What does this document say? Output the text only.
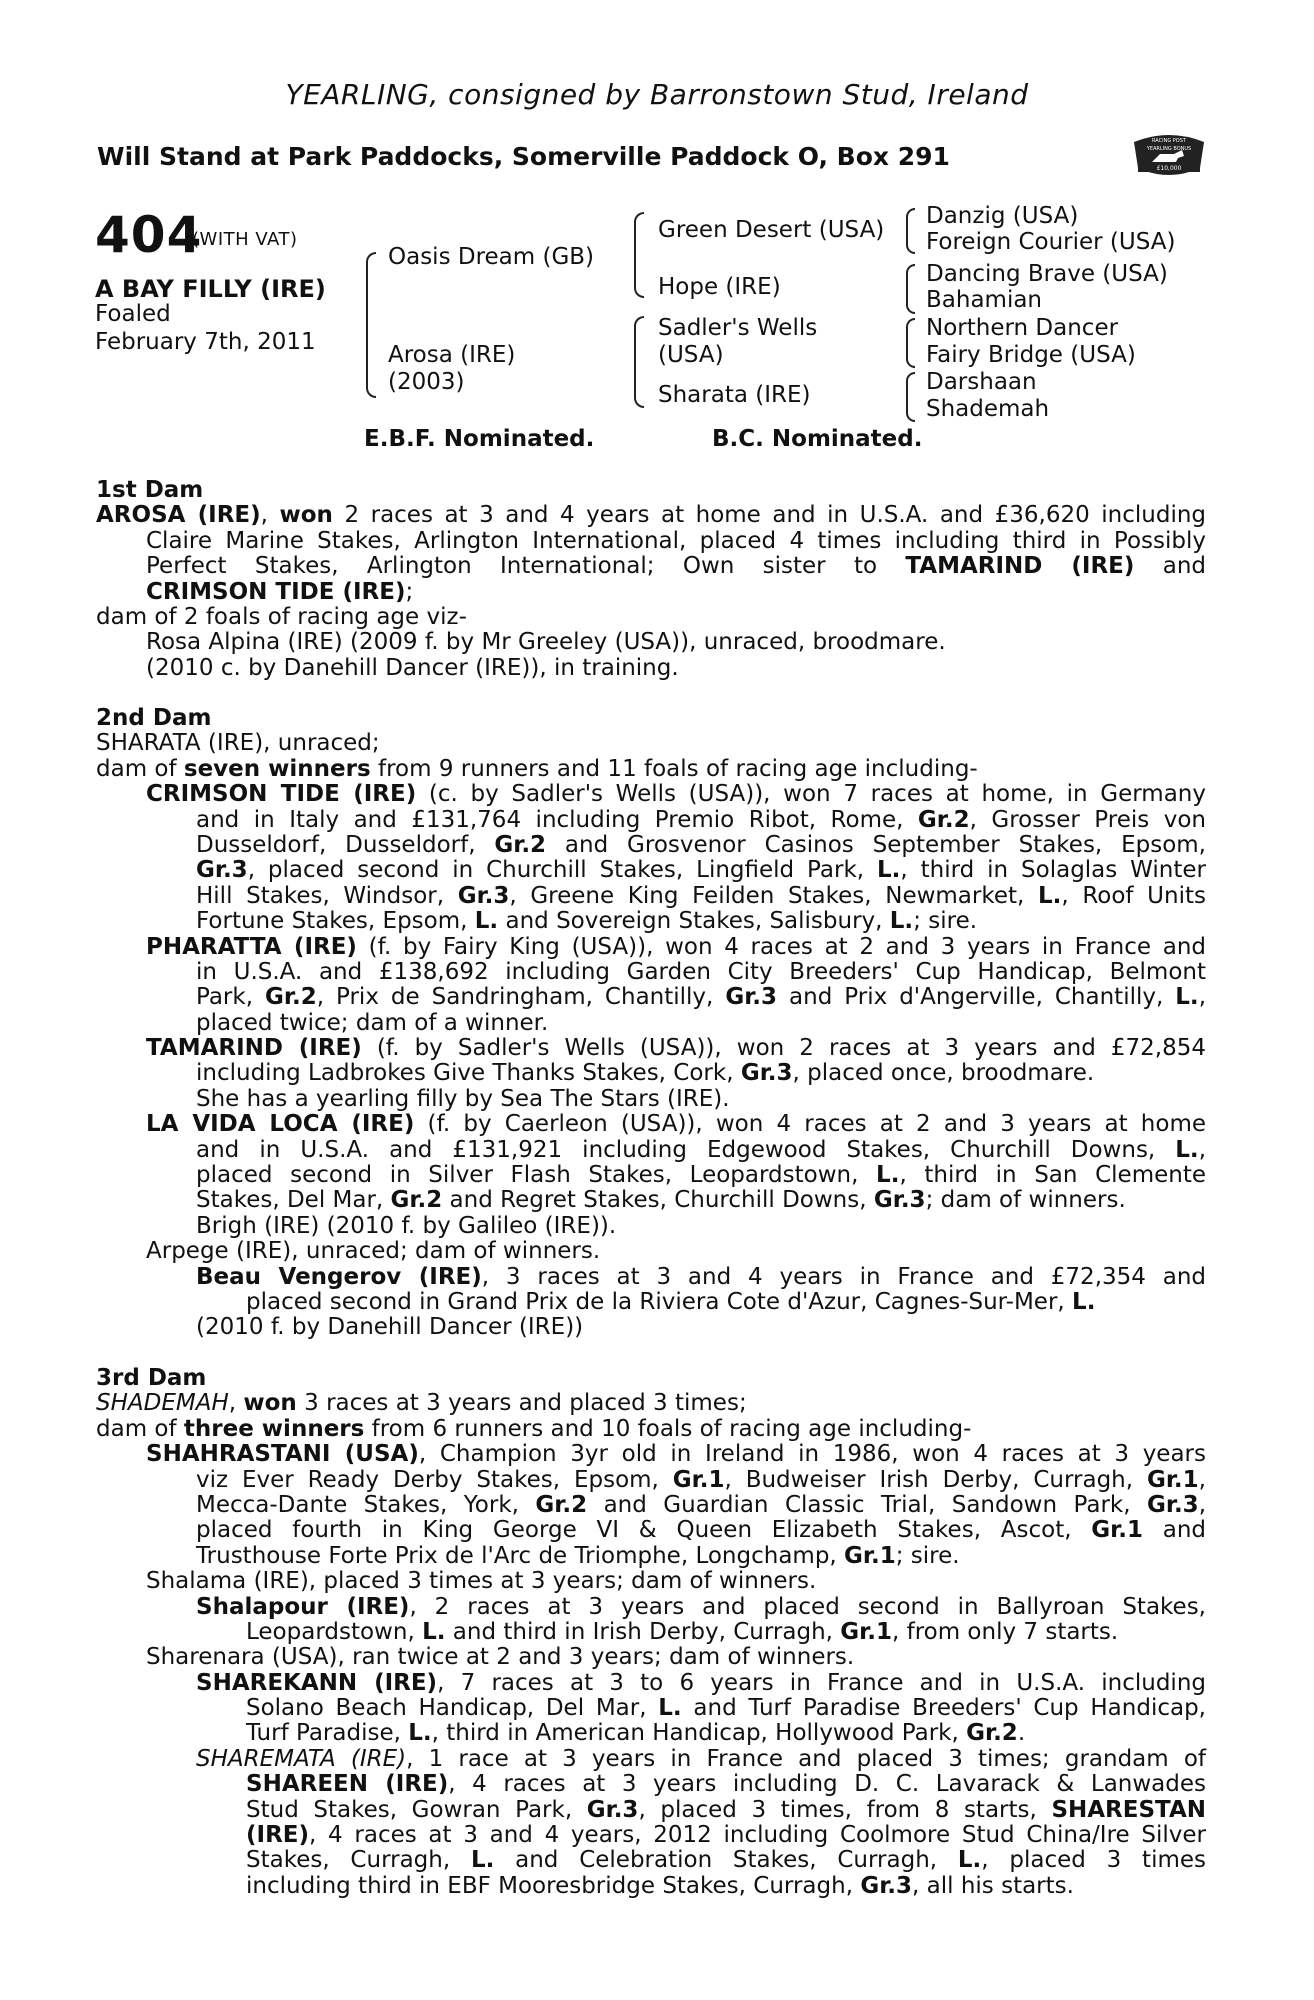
YEARLING, consigned by Barronstown Stud, Ireland
Will Stand at Park Paddocks, Somerville Paddock O, Box 291
RACING POST
YEARLING BONUS
£10,000
404
(WITH VAT)
A BAY FILLY (IRE)
Foaled
February 7th, 2011
Oasis Dream (GB)
Arosa (IRE)
(2003)
Green Desert (USA)
Hope (IRE)
Sadler's Wells
(USA)
Sharata (IRE)
Danzig (USA)
Foreign Courier (USA)
Dancing Brave (USA)
Bahamian
Northern Dancer
Fairy Bridge (USA)
Darshaan
Shademah
E.B.F. Nominated.	B.C. Nominated.
1st Dam
AROSA (IRE), won 2 races at 3 and 4 years at home and in U.S.A. and £36,620 including
Claire Marine Stakes, Arlington International, placed 4 times including third in Possibly
Perfect Stakes, Arlington International; Own sister to TAMARIND (IRE) and
CRIMSON TIDE (IRE);
dam of 2 foals of racing age viz-
Rosa Alpina (IRE) (2009 f. by Mr Greeley (USA)), unraced, broodmare.
(2010 c. by Danehill Dancer (IRE)), in training.
2nd Dam
SHARATA (IRE), unraced;
dam of seven winners from 9 runners and 11 foals of racing age including-
CRIMSON TIDE (IRE) (c. by Sadler's Wells (USA)), won 7 races at home, in Germany
and in Italy and £131,764 including Premio Ribot, Rome, Gr.2, Grosser Preis von
Dusseldorf, Dusseldorf, Gr.2 and Grosvenor Casinos September Stakes, Epsom,
Gr.3, placed second in Churchill Stakes, Lingfield Park, L., third in Solaglas Winter
Hill Stakes, Windsor, Gr.3, Greene King Feilden Stakes, Newmarket, L., Roof Units
Fortune Stakes, Epsom, L. and Sovereign Stakes, Salisbury, L.; sire.
PHARATTA (IRE) (f. by Fairy King (USA)), won 4 races at 2 and 3 years in France and
in U.S.A. and £138,692 including Garden City Breeders' Cup Handicap, Belmont
Park, Gr.2, Prix de Sandringham, Chantilly, Gr.3 and Prix d'Angerville, Chantilly, L.,
placed twice; dam of a winner.
TAMARIND (IRE) (f. by Sadler's Wells (USA)), won 2 races at 3 years and £72,854
including Ladbrokes Give Thanks Stakes, Cork, Gr.3, placed once, broodmare.
She has a yearling filly by Sea The Stars (IRE).
LA VIDA LOCA (IRE) (f. by Caerleon (USA)), won 4 races at 2 and 3 years at home
and in U.S.A. and £131,921 including Edgewood Stakes, Churchill Downs, L.,
placed second in Silver Flash Stakes, Leopardstown, L., third in San Clemente
Stakes, Del Mar, Gr.2 and Regret Stakes, Churchill Downs, Gr.3; dam of winners.
Brigh (IRE) (2010 f. by Galileo (IRE)).
Arpege (IRE), unraced; dam of winners.
Beau Vengerov (IRE), 3 races at 3 and 4 years in France and £72,354 and
placed second in Grand Prix de la Riviera Cote d'Azur, Cagnes-Sur-Mer, L.
(2010 f. by Danehill Dancer (IRE))
3rd Dam
SHADEMAH, won 3 races at 3 years and placed 3 times;
dam of three winners from 6 runners and 10 foals of racing age including-
SHAHRASTANI (USA), Champion 3yr old in Ireland in 1986, won 4 races at 3 years
viz Ever Ready Derby Stakes, Epsom, Gr.1, Budweiser Irish Derby, Curragh, Gr.1,
Mecca-Dante Stakes, York, Gr.2 and Guardian Classic Trial, Sandown Park, Gr.3,
placed fourth in King George VI & Queen Elizabeth Stakes, Ascot, Gr.1 and
Trusthouse Forte Prix de l'Arc de Triomphe, Longchamp, Gr.1; sire.
Shalama (IRE), placed 3 times at 3 years; dam of winners.
Shalapour (IRE), 2 races at 3 years and placed second in Ballyroan Stakes,
Leopardstown, L. and third in Irish Derby, Curragh, Gr.1, from only 7 starts.
Sharenara (USA), ran twice at 2 and 3 years; dam of winners.
SHAREKANN (IRE), 7 races at 3 to 6 years in France and in U.S.A. including
Solano Beach Handicap, Del Mar, L. and Turf Paradise Breeders' Cup Handicap,
Turf Paradise, L., third in American Handicap, Hollywood Park, Gr.2.
SHAREMATA (IRE), 1 race at 3 years in France and placed 3 times; grandam of
SHAREEN (IRE), 4 races at 3 years including D. C. Lavarack & Lanwades
Stud Stakes, Gowran Park, Gr.3, placed 3 times, from 8 starts, SHARESTAN
(IRE), 4 races at 3 and 4 years, 2012 including Coolmore Stud China/Ire Silver
Stakes, Curragh, L. and Celebration Stakes, Curragh, L., placed 3 times
including third in EBF Mooresbridge Stakes, Curragh, Gr.3, all his starts.
